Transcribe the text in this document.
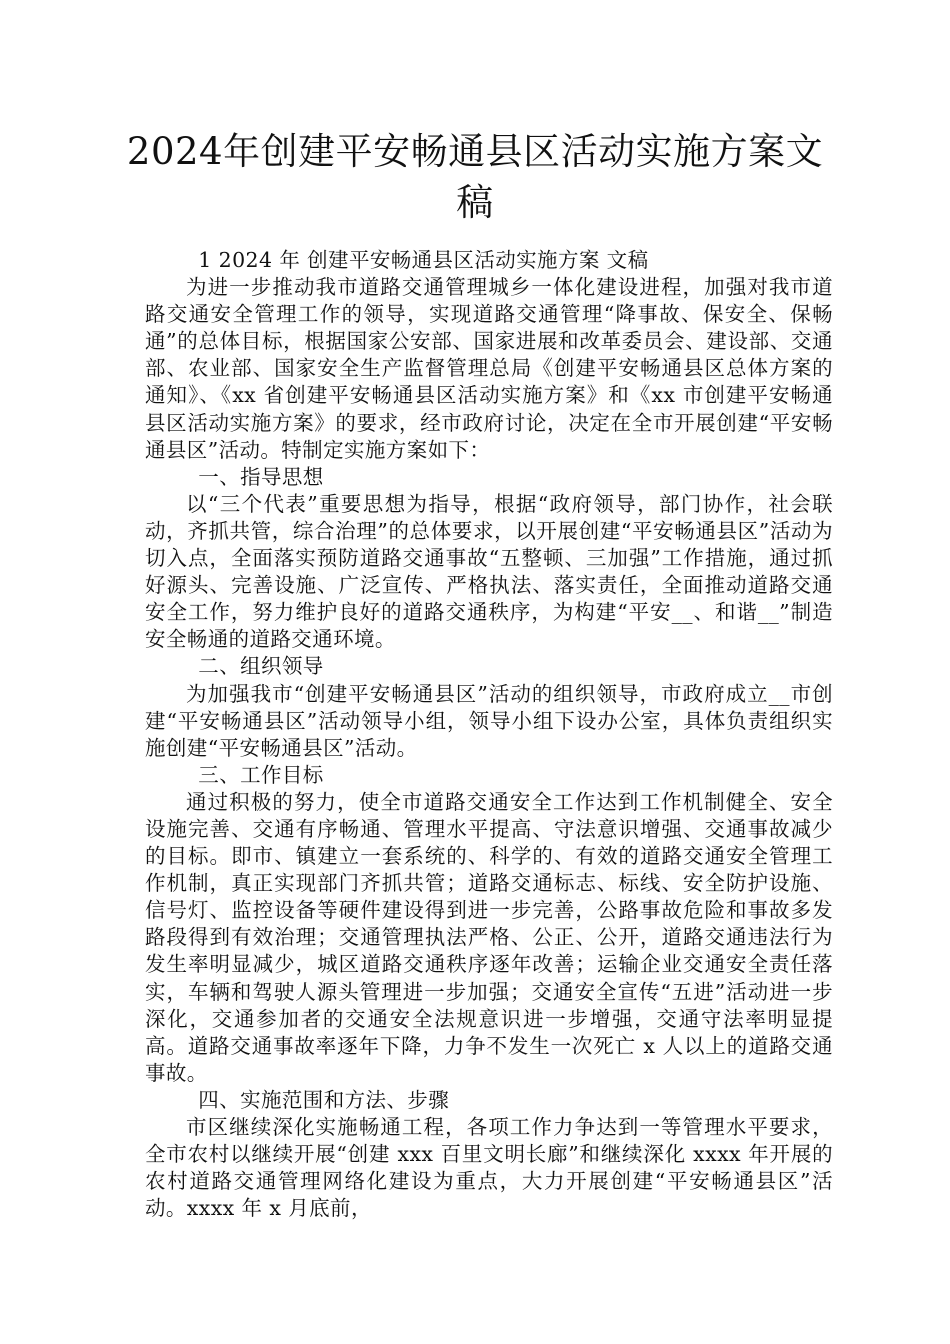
2024年创建平安畅通县区活动实施方案文
稿

1 2024 年 创建平安畅通县区活动实施方案 文稿

为进一步推动我市道路交通管理城乡一体化建设进程，加强对我市道路交通安全管理工作的领导，实现道路交通管理“降事故、保安全、保畅通”的总体目标，根据国家公安部、国家进展和改革委员会、建设部、交通部、农业部、国家安全生产监督管理总局《创建平安畅通县区总体方案的通知》、《xx 省创建平安畅通县区活动实施方案》和《xx 市创建平安畅通县区活动实施方案》的要求，经市政府讨论，决定在全市开展创建“平安畅通县区”活动。特制定实施方案如下：

一、指导思想

以“三个代表”重要思想为指导，根据“政府领导，部门协作，社会联动，齐抓共管，综合治理”的总体要求，以开展创建“平安畅通县区”活动为切入点，全面落实预防道路交通事故“五整顿、三加强”工作措施，通过抓好源头、完善设施、广泛宣传、严格执法、落实责任，全面推动道路交通安全工作，努力维护良好的道路交通秩序，为构建“平安__、和谐__”制造安全畅通的道路交通环境。

二、组织领导

为加强我市“创建平安畅通县区”活动的组织领导，市政府成立__市创建“平安畅通县区”活动领导小组，领导小组下设办公室，具体负责组织实施创建“平安畅通县区”活动。

三、工作目标

通过积极的努力，使全市道路交通安全工作达到工作机制健全、安全设施完善、交通有序畅通、管理水平提高、守法意识增强、交通事故减少的目标。即市、镇建立一套系统的、科学的、有效的道路交通安全管理工作机制，真正实现部门齐抓共管；道路交通标志、标线、安全防护设施、信号灯、监控设备等硬件建设得到进一步完善，公路事故危险和事故多发路段得到有效治理；交通管理执法严格、公正、公开，道路交通违法行为发生率明显减少，城区道路交通秩序逐年改善；运输企业交通安全责任落实，车辆和驾驶人源头管理进一步加强；交通安全宣传“五进”活动进一步深化，交通参加者的交通安全法规意识进一步增强，交通守法率明显提高。道路交通事故率逐年下降，力争不发生一次死亡 x 人以上的道路交通事故。

四、实施范围和方法、步骤

市区继续深化实施畅通工程，各项工作力争达到一等管理水平要求，全市农村以继续开展“创建 xxx 百里文明长廊”和继续深化 xxxx 年开展的农村道路交通管理网络化建设为重点，大力开展创建“平安畅通县区”活动。xxxx 年 x 月底前，
